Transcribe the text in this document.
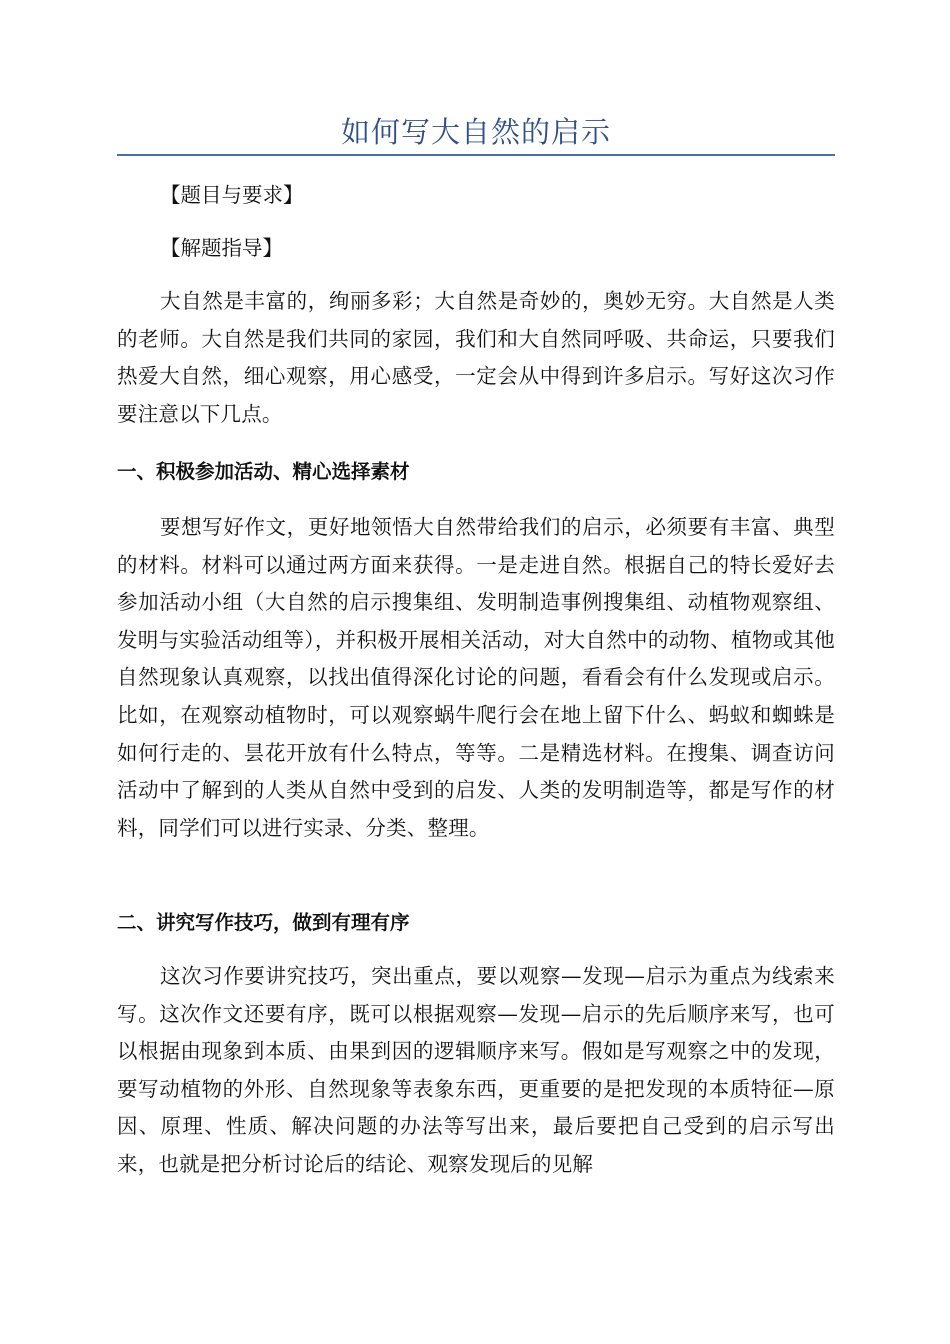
如何写大自然的启示

【题目与要求】

【解题指导】

大自然是丰富的，绚丽多彩；大自然是奇妙的，奥妙无穷。大自然是人类的老师。大自然是我们共同的家园，我们和大自然同呼吸、共命运，只要我们热爱大自然，细心观察，用心感受，一定会从中得到许多启示。写好这次习作要注意以下几点。

一、积极参加活动、精心选择素材

要想写好作文，更好地领悟大自然带给我们的启示，必须要有丰富、典型的材料。材料可以通过两方面来获得。一是走进自然。根据自己的特长爱好去参加活动小组（大自然的启示搜集组、发明制造事例搜集组、动植物观察组、发明与实验活动组等），并积极开展相关活动，对大自然中的动物、植物或其他自然现象认真观察，以找出值得深化讨论的问题，看看会有什么发现或启示。比如，在观察动植物时，可以观察蜗牛爬行会在地上留下什么、蚂蚁和蜘蛛是如何行走的、昙花开放有什么特点，等等。二是精选材料。在搜集、调查访问活动中了解到的人类从自然中受到的启发、人类的发明制造等，都是写作的材料，同学们可以进行实录、分类、整理。

二、讲究写作技巧，做到有理有序

这次习作要讲究技巧，突出重点，要以观察—发现—启示为重点为线索来写。这次作文还要有序，既可以根据观察—发现—启示的先后顺序来写，也可以根据由现象到本质、由果到因的逻辑顺序来写。假如是写观察之中的发现，要写动植物的外形、自然现象等表象东西，更重要的是把发现的本质特征—原因、原理、性质、解决问题的办法等写出来，最后要把自己受到的启示写出来，也就是把分析讨论后的结论、观察发现后的见解
